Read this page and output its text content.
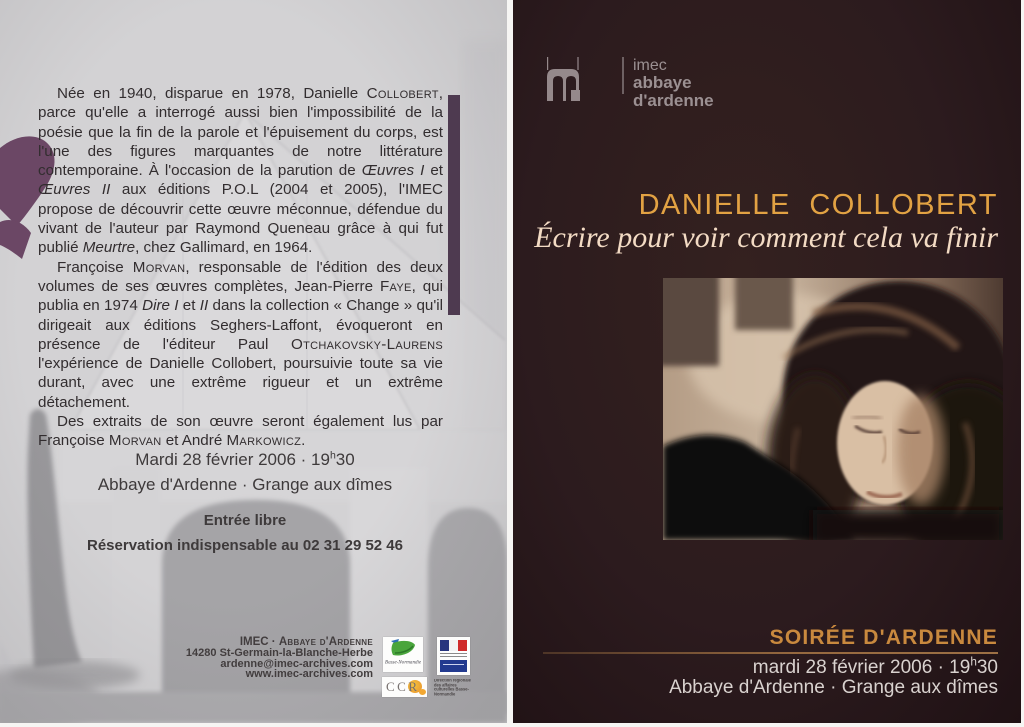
Née en 1940, disparue en 1978, Danielle Collobert, parce qu'elle a interrogé aussi bien l'impossibilité de la poésie que la fin de la parole et l'épuisement du corps, est l'une des figures marquantes de notre littérature contemporaine. À l'occasion de la parution de Œuvres I et Œuvres II aux éditions P.O.L (2004 et 2005), l'IMEC propose de découvrir cette œuvre méconnue, défendue du vivant de l'auteur par Raymond Queneau grâce à qui fut publié Meurtre, chez Gallimard, en 1964.

Françoise Morvan, responsable de l'édition des deux volumes de ses œuvres complètes, Jean-Pierre Faye, qui publia en 1974 Dire I et II dans la collection « Change » qu'il dirigeait aux éditions Seghers-Laffont, évoqueront en présence de l'éditeur Paul Otchakovsky-Laurens l'expérience de Danielle Collobert, poursuivie toute sa vie durant, avec une extrême rigueur et un extrême détachement.

Des extraits de son œuvre seront également lus par Françoise Morvan et André Markowicz.

Mardi 28 février $2006 \cdot 19^h30$
Abbaye d'Ardenne · Grange aux dîmes
Entrée libre
Réservation indispensable au 02 31 29 52 46
IMEC · Abbaye d'Ardenne
14280 St-Germain-la-Blanche-Herbe
ardenne@imec-archives.com
www.imec-archives.com
Basse-Normandie
Direction régionale des affaires culturelles Basse-Normandie
CCR
imec
abbaye d'ardenne
DANIELLE COLLOBERT
Écrire pour voir comment cela va finir
SOIRÉE D'ARDENNE
mardi 28 février $2006 \cdot 19^h30$
Abbaye d'Ardenne · Grange aux dîmes
